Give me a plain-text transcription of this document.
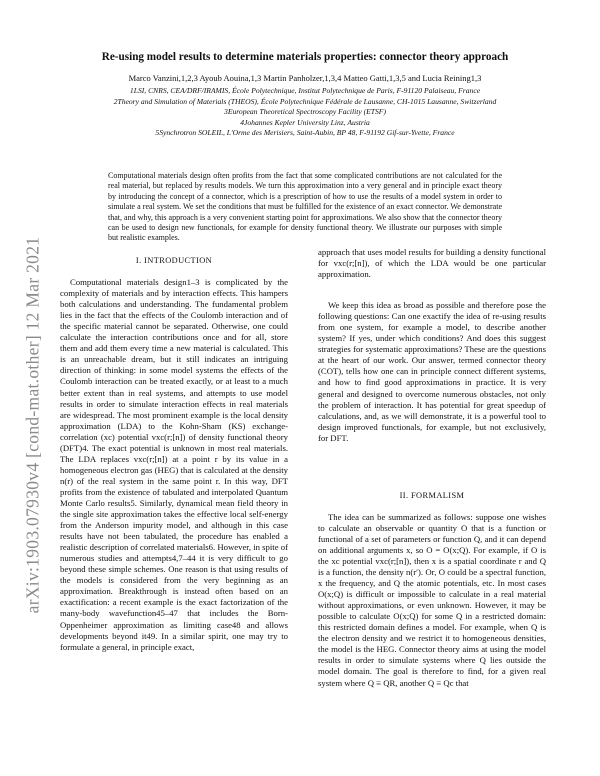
arXiv:1903.07930v4 [cond-mat.other] 12 Mar 2021
Re-using model results to determine materials properties: connector theory approach
Marco Vanzini,1,2,3 Ayoub Aouina,1,3 Martin Panholzer,1,3,4 Matteo Gatti,1,3,5 and Lucia Reining1,3
1LSI, CNRS, CEA/DRF/IRAMIS, École Polytechnique, Institut Polytechnique de Paris, F-91120 Palaiseau, France
2Theory and Simulation of Materials (THEOS), École Polytechnique Fédérale de Lausanne, CH-1015 Lausanne, Switzerland
3European Theoretical Spectroscopy Facility (ETSF)
4Johannes Kepler University Linz, Austria
5Synchrotron SOLEIL, L'Orme des Merisiers, Saint-Aubin, BP 48, F-91192 Gif-sur-Yvette, France
Computational materials design often profits from the fact that some complicated contributions are not calculated for the real material, but replaced by results models. We turn this approximation into a very general and in principle exact theory by introducing the concept of a connector, which is a prescription of how to use the results of a model system in order to simulate a real system. We set the conditions that must be fulfilled for the existence of an exact connector. We demonstrate that, and why, this approach is a very convenient starting point for approximations. We also show that the connector theory can be used to design new functionals, for example for density functional theory. We illustrate our purposes with simple but realistic examples.
I. INTRODUCTION

Computational materials design1–3 is complicated by the complexity of materials and by interaction effects. This hampers both calculations and understanding. The fundamental problem lies in the fact that the effects of the Coulomb interaction and of the specific material cannot be separated. Otherwise, one could calculate the interaction contributions once and for all, store them and add them every time a new material is calculated. This is an unreachable dream, but it still indicates an intriguing direction of thinking: in some model systems the effects of the Coulomb interaction can be treated exactly, or at least to a much better extent than in real systems, and attempts to use model results in order to simulate interaction effects in real materials are widespread. The most prominent example is the local density approximation (LDA) to the Kohn-Sham (KS) exchange-correlation (xc) potential vxc(r;[n]) of density functional theory (DFT)4. The exact potential is unknown in most real materials. The LDA replaces vxc(r;[n]) at a point r by its value in a homogeneous electron gas (HEG) that is calculated at the density n(r) of the real system in the same point r. In this way, DFT profits from the existence of tabulated and interpolated Quantum Monte Carlo results5. Similarly, dynamical mean field theory in the single site approximation takes the effective local self-energy from the Anderson impurity model, and although in this case results have not been tabulated, the procedure has enabled a realistic description of correlated materials6. However, in spite of numerous studies and attempts4,7–44 it is very difficult to go beyond these simple schemes. One reason is that using results of the models is considered from the very beginning as an approximation. Breakthrough is instead often based on an exactification: a recent example is the exact factorization of the many-body wavefunction45–47 that includes the Born-Oppenheimer approximation as limiting case48 and allows developments beyond it49. In a similar spirit, one may try to formulate a general, in principle exact,

approach that uses model results for building a density functional for vxc(r;[n]), of which the LDA would be one particular approximation.

We keep this idea as broad as possible and therefore pose the following questions: Can one exactify the idea of re-using results from one system, for example a model, to describe another system? If yes, under which conditions? And does this suggest strategies for systematic approximations? These are the questions at the heart of our work. Our answer, termed connector theory (COT), tells how one can in principle connect different systems, and how to find good approximations in practice. It is very general and designed to overcome numerous obstacles, not only the problem of interaction. It has potential for great speedup of calculations, and, as we will demonstrate, it is a powerful tool to design improved functionals, for example, but not exclusively, for DFT.

II. FORMALISM

The idea can be summarized as follows: suppose one wishes to calculate an observable or quantity O that is a function or functional of a set of parameters or function Q, and it can depend on additional arguments x, so O = O(x;Q). For example, if O is the xc potential vxc(r;[n]), then x is a spatial coordinate r and Q is a function, the density n(r′). Or, O could be a spectral function, x the frequency, and Q the atomic potentials, etc. In most cases O(x;Q) is difficult or impossible to calculate in a real material without approximations, or even unknown. However, it may be possible to calculate O(x;Q) for some Q in a restricted domain: this restricted domain defines a model. For example, when Q is the electron density and we restrict it to homogeneous densities, the model is the HEG. Connector theory aims at using the model results in order to simulate systems where Q lies outside the model domain. The goal is therefore to find, for a given real system where Q ≡ QR, another Q ≡ Qc that
